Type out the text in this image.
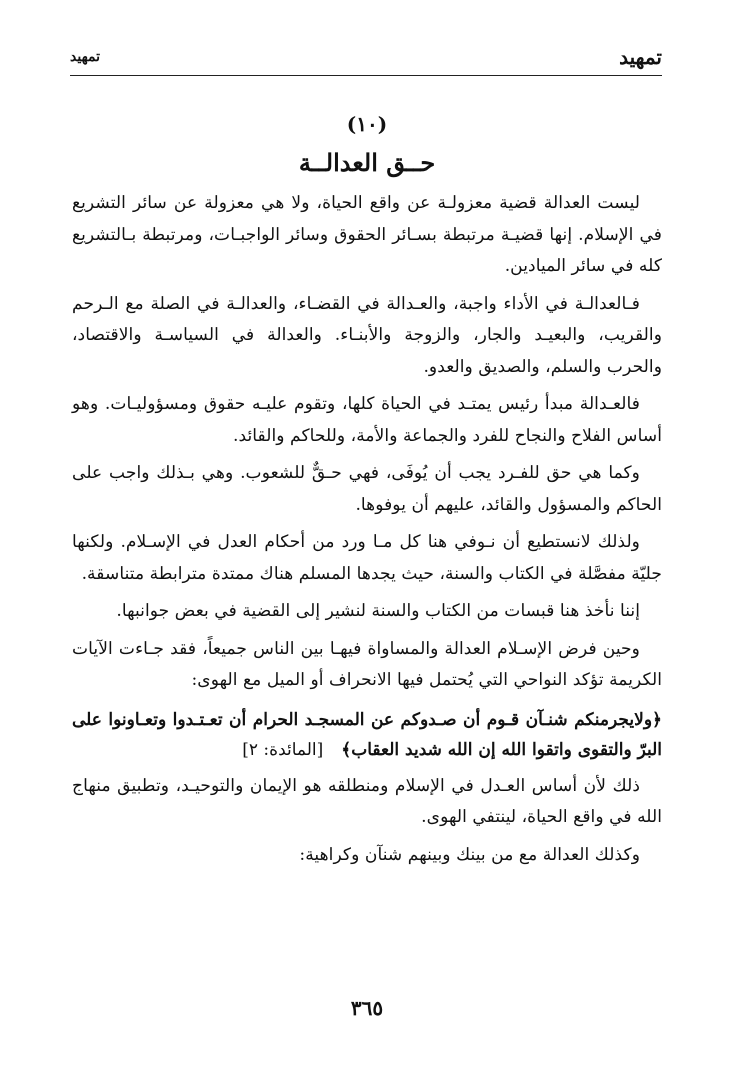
تمهيد
تمهيد
(١٠)
حــق العدالــة

ليست العدالة قضية معزولـة عن واقع الحياة، ولا هي معزولة عن سائر التشريع في الإسلام. إنها قضيـة مرتبطة بسـائر الحقوق وسائر الواجبـات، ومرتبطة بـالتشريع كله في سائر الميادين.

فـالعدالـة في الأداء واجبة، والعـدالة في القضـاء، والعدالـة في الصلة مع الـرحم والقريب، والبعيـد والجار، والزوجة والأبنـاء. والعدالة في السياسـة والاقتصاد، والحرب والسلم، والصديق والعدو.

فالعـدالة مبدأ رئيس يمتـد في الحياة كلها، وتقوم عليـه حقوق ومسؤوليـات. وهو أساس الفلاح والنجاح للفرد والجماعة والأمة، وللحاكم والقائد.

وكما هي حق للفـرد يجب أن يُوفَى، فهي حـقٌّ للشعوب. وهي بـذلك واجب على الحاكم والمسؤول والقائد، عليهم أن يوفوها.

ولذلك لانستطيع أن نـوفي هنا كل مـا ورد من أحكام العدل في الإسـلام. ولكنها جليّة مفصَّلة في الكتاب والسنة، حيث يجدها المسلم هناك ممتدة مترابطة متناسقة.

إننا نأخذ هنا قبسات من الكتاب والسنة لنشير إلى القضية في بعض جوانبها.

وحين فرض الإسـلام العدالة والمساواة فيهـا بين الناس جميعاً، فقد جـاءت الآيات الكريمة تؤكد النواحي التي يُحتمل فيها الانحراف أو الميل مع الهوى:

﴿ولايجرمنكم شنـآن قـوم أن صـدوكم عن المسجـد الحرام أن تعـتـدوا وتعـاونوا على البرّ والتقوى واتقوا الله إن الله شديد العقاب﴾[المائدة: ٢]

ذلك لأن أساس العـدل في الإسلام ومنطلقه هو الإيمان والتوحيـد، وتطبيق منهاج الله في واقع الحياة، لينتفي الهوى.

وكذلك العدالة مع من بينك وبينهم شنآن وكراهية:

٣٦٥
